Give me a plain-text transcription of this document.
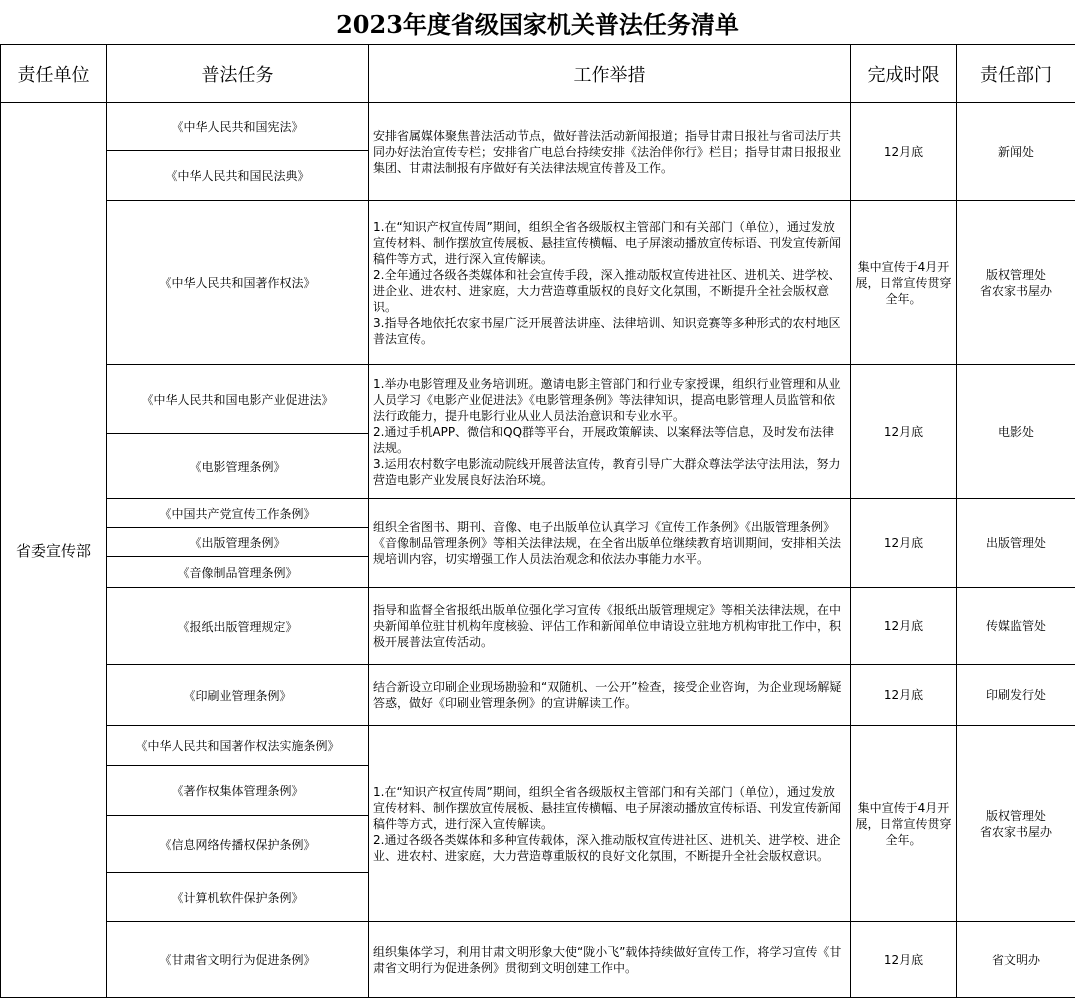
2023年度省级国家机关普法任务清单
责任单位	普法任务	工作举措	完成时限	责任部门
省委宣传部	《中华人民共和国宪法》	安排省属媒体聚焦普法活动节点，做好普法活动新闻报道；指导甘肃日报社与省司法厅共同办好法治宣传专栏；安排省广电总台持续安排《法治伴你行》栏目；指导甘肃日报报业集团、甘肃法制报有序做好有关法律法规宣传普及工作。	12月底	新闻处
	《中华人民共和国民法典》			
	《中华人民共和国著作权法》	1.在“知识产权宣传周”期间，组织全省各级版权主管部门和有关部门（单位），通过发放宣传材料、制作摆放宣传展板、悬挂宣传横幅、电子屏滚动播放宣传标语、刊发宣传新闻稿件等方式，进行深入宣传解读。
2.全年通过各级各类媒体和社会宣传手段，深入推动版权宣传进社区、进机关、进学校、进企业、进农村、进家庭，大力营造尊重版权的良好文化氛围，不断提升全社会版权意识。
3.指导各地依托农家书屋广泛开展普法讲座、法律培训、知识竞赛等多种形式的农村地区普法宣传。	集中宣传于4月开展，日常宣传贯穿全年。	版权管理处
省农家书屋办
	《中华人民共和国电影产业促进法》	1.举办电影管理及业务培训班。邀请电影主管部门和行业专家授课，组织行业管理和从业人员学习《电影产业促进法》《电影管理条例》等法律知识，提高电影管理人员监管和依法行政能力，提升电影行业从业人员法治意识和专业水平。
2.通过手机APP、微信和QQ群等平台，开展政策解读、以案释法等信息，及时发布法律法规。
3.运用农村数字电影流动院线开展普法宣传，教育引导广大群众尊法学法守法用法，努力营造电影产业发展良好法治环境。	12月底	电影处
	《电影管理条例》			
	《中国共产党宣传工作条例》	组织全省图书、期刊、音像、电子出版单位认真学习《宣传工作条例》《出版管理条例》《音像制品管理条例》等相关法律法规，在全省出版单位继续教育培训期间，安排相关法规培训内容，切实增强工作人员法治观念和依法办事能力水平。	12月底	出版管理处
	《出版管理条例》			
	《音像制品管理条例》			
	《报纸出版管理规定》	指导和监督全省报纸出版单位强化学习宣传《报纸出版管理规定》等相关法律法规，在中央新闻单位驻甘机构年度核验、评估工作和新闻单位申请设立驻地方机构审批工作中，积极开展普法宣传活动。	12月底	传媒监管处
	《印刷业管理条例》	结合新设立印刷企业现场勘验和“双随机、一公开”检查，接受企业咨询，为企业现场解疑答惑，做好《印刷业管理条例》的宣讲解读工作。	12月底	印刷发行处
	《中华人民共和国著作权法实施条例》	1.在“知识产权宣传周”期间，组织全省各级版权主管部门和有关部门（单位），通过发放宣传材料、制作摆放宣传展板、悬挂宣传横幅、电子屏滚动播放宣传标语、刊发宣传新闻稿件等方式，进行深入宣传解读。
2.通过各级各类媒体和多种宣传载体，深入推动版权宣传进社区、进机关、进学校、进企业、进农村、进家庭，大力营造尊重版权的良好文化氛围，不断提升全社会版权意识。	集中宣传于4月开展，日常宣传贯穿全年。	版权管理处
省农家书屋办
	《著作权集体管理条例》			
	《信息网络传播权保护条例》			
	《计算机软件保护条例》			
	《甘肃省文明行为促进条例》	组织集体学习，利用甘肃文明形象大使“陇小飞”载体持续做好宣传工作，将学习宣传《甘肃省文明行为促进条例》贯彻到文明创建工作中。	12月底	省文明办
